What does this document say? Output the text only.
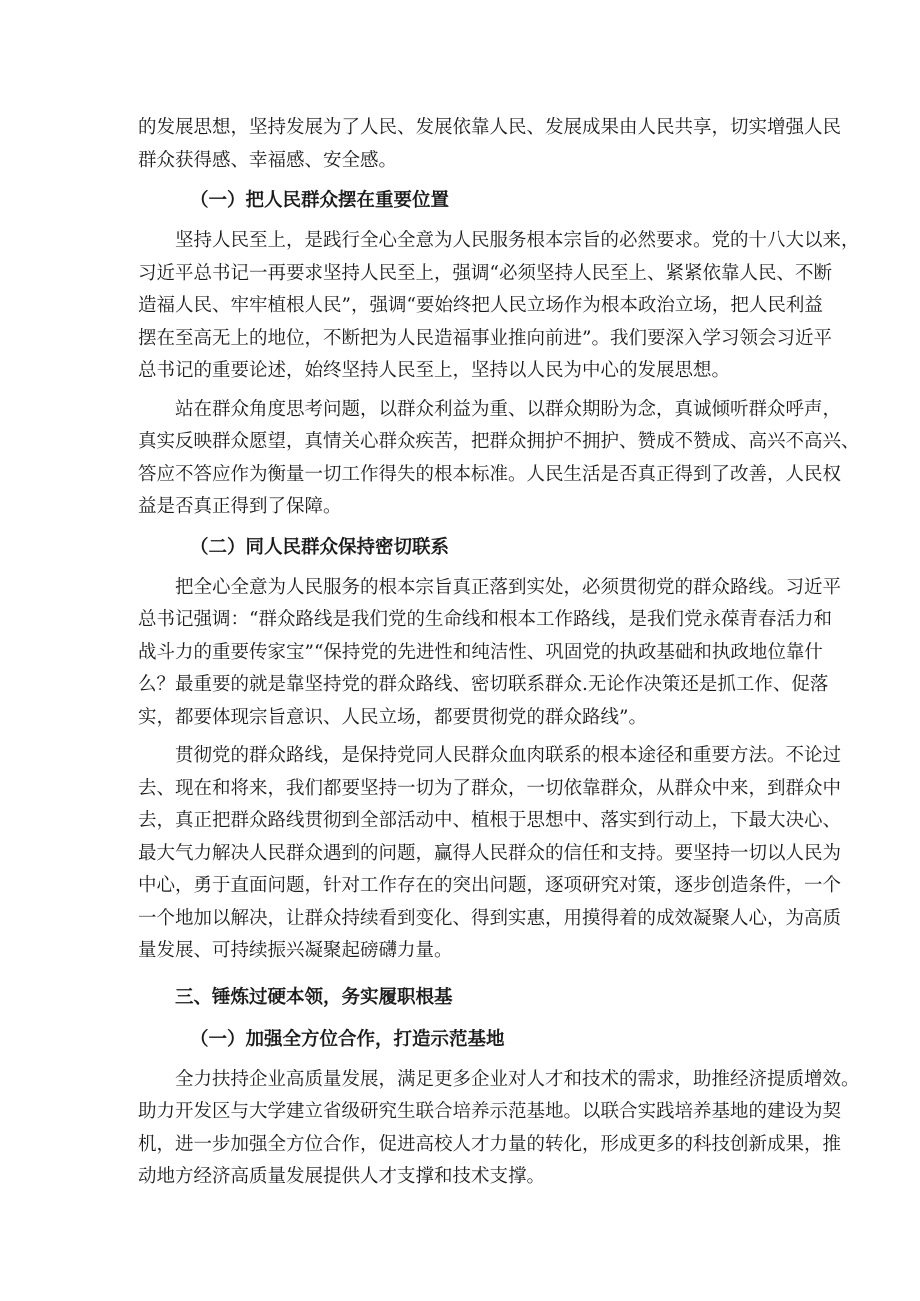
的发展思想，坚持发展为了人民、发展依靠人民、发展成果由人民共享，切实增强人民
群众获得感、幸福感、安全感。
（一）把人民群众摆在重要位置
坚持人民至上，是践行全心全意为人民服务根本宗旨的必然要求。党的十八大以来，
习近平总书记一再要求坚持人民至上，强调“必须坚持人民至上、紧紧依靠人民、不断
造福人民、牢牢植根人民”，强调“要始终把人民立场作为根本政治立场，把人民利益
摆在至高无上的地位，不断把为人民造福事业推向前进”。我们要深入学习领会习近平
总书记的重要论述，始终坚持人民至上，坚持以人民为中心的发展思想。
站在群众角度思考问题，以群众利益为重、以群众期盼为念，真诚倾听群众呼声，
真实反映群众愿望，真情关心群众疾苦，把群众拥护不拥护、赞成不赞成、高兴不高兴、
答应不答应作为衡量一切工作得失的根本标准。人民生活是否真正得到了改善，人民权
益是否真正得到了保障。
（二）同人民群众保持密切联系
把全心全意为人民服务的根本宗旨真正落到实处，必须贯彻党的群众路线。习近平
总书记强调：“群众路线是我们党的生命线和根本工作路线，是我们党永葆青春活力和
战斗力的重要传家宝”“保持党的先进性和纯洁性、巩固党的执政基础和执政地位靠什
么？最重要的就是靠坚持党的群众路线、密切联系群众.无论作决策还是抓工作、促落
实，都要体现宗旨意识、人民立场，都要贯彻党的群众路线”。
贯彻党的群众路线，是保持党同人民群众血肉联系的根本途径和重要方法。不论过
去、现在和将来，我们都要坚持一切为了群众，一切依靠群众，从群众中来，到群众中
去，真正把群众路线贯彻到全部活动中、植根于思想中、落实到行动上，下最大决心、
最大气力解决人民群众遇到的问题，赢得人民群众的信任和支持。要坚持一切以人民为
中心，勇于直面问题，针对工作存在的突出问题，逐项研究对策，逐步创造条件，一个
一个地加以解决，让群众持续看到变化、得到实惠，用摸得着的成效凝聚人心，为高质
量发展、可持续振兴凝聚起磅礴力量。
三、锤炼过硬本领，务实履职根基
（一）加强全方位合作，打造示范基地
全力扶持企业高质量发展，满足更多企业对人才和技术的需求，助推经济提质增效。
助力开发区与大学建立省级研究生联合培养示范基地。以联合实践培养基地的建设为契
机，进一步加强全方位合作，促进高校人才力量的转化，形成更多的科技创新成果，推
动地方经济高质量发展提供人才支撑和技术支撑。
